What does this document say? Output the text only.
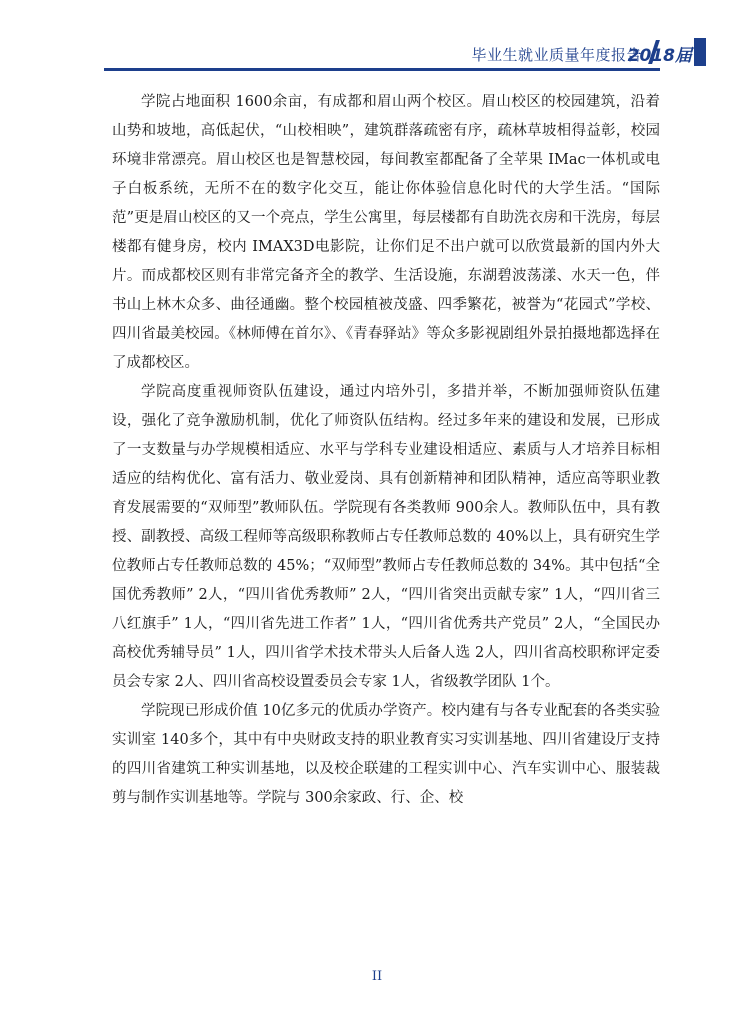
毕业生就业质量年度报告
2018届

学院占地面积 1600余亩，有成都和眉山两个校区。眉山校区的校园建筑，沿着山势和坡地，高低起伏，“山校相映”，建筑群落疏密有序，疏林草坡相得益彰，校园环境非常漂亮。眉山校区也是智慧校园，每间教室都配备了全苹果 IMac一体机或电子白板系统，无所不在的数字化交互，能让你体验信息化时代的大学生活。“国际范”更是眉山校区的又一个亮点，学生公寓里，每层楼都有自助洗衣房和干洗房，每层楼都有健身房，校内 IMAX3D电影院，让你们足不出户就可以欣赏最新的国内外大片。而成都校区则有非常完备齐全的教学、生活设施，东湖碧波荡漾、水天一色，伴书山上林木众多、曲径通幽。整个校园植被茂盛、四季繁花，被誉为“花园式”学校、四川省最美校园。《林师傅在首尔》、《青春驿站》等众多影视剧组外景拍摄地都选择在了成都校区。

学院高度重视师资队伍建设，通过内培外引，多措并举，不断加强师资队伍建设，强化了竞争激励机制，优化了师资队伍结构。经过多年来的建设和发展，已形成了一支数量与办学规模相适应、水平与学科专业建设相适应、素质与人才培养目标相适应的结构优化、富有活力、敬业爱岗、具有创新精神和团队精神，适应高等职业教育发展需要的“双师型”教师队伍。学院现有各类教师 900余人。教师队伍中，具有教授、副教授、高级工程师等高级职称教师占专任教师总数的 40%以上，具有研究生学位教师占专任教师总数的 45%；“双师型”教师占专任教师总数的 34%。其中包括“全国优秀教师” 2人，“四川省优秀教师” 2人，“四川省突出贡献专家” 1人，“四川省三八红旗手” 1人，“四川省先进工作者” 1人，“四川省优秀共产党员” 2人，“全国民办高校优秀辅导员” 1人，四川省学术技术带头人后备人选 2人，四川省高校职称评定委员会专家 2人、四川省高校设置委员会专家 1人，省级教学团队 1个。

学院现已形成价值 10亿多元的优质办学资产。校内建有与各专业配套的各类实验实训室 140多个，其中有中央财政支持的职业教育实习实训基地、四川省建设厅支持的四川省建筑工种实训基地，以及校企联建的工程实训中心、汽车实训中心、服装裁剪与制作实训基地等。学院与 300余家政、行、企、校

II
